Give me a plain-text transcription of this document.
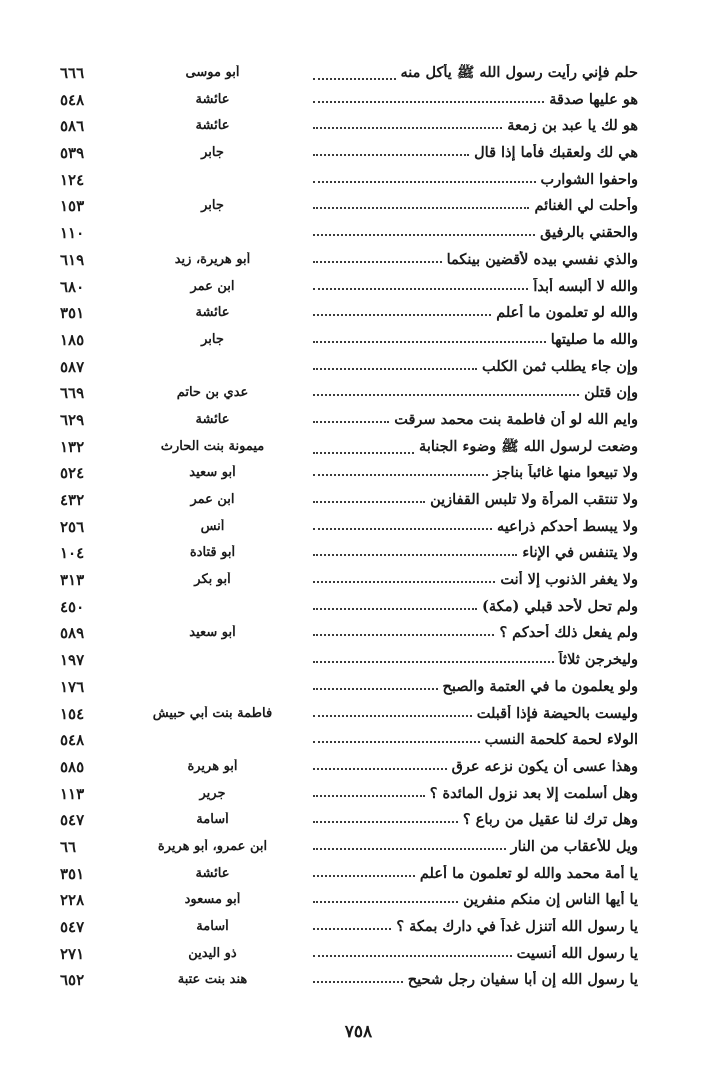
حلم فإني رأيت رسول الله ﷺ يأكل منه
أبو موسى
٦٦٦
هو عليها صدقة
عائشة
٥٤٨
هو لك يا عبد بن زمعة
عائشة
٥٨٦
هي لك ولعقبك فأما إذا قال
جابر
٥٣٩
واحفوا الشوارب
١٢٤
وأحلت لي الغنائم
جابر
١٥٣
والحقني بالرفيق
١١٠
والذي نفسي بيده لأقضين بينكما
أبو هريرة، زيد
٦١٩
والله لا ألبسه أبداً
ابن عمر
٦٨٠
والله لو تعلمون ما أعلم
عائشة
٣٥١
والله ما صليتها
جابر
١٨٥
وإن جاء يطلب ثمن الكلب
٥٨٧
وإن قتلن
عدي بن حاتم
٦٦٩
وايم الله لو أن فاطمة بنت محمد سرقت
عائشة
٦٢٩
وضعت لرسول الله ﷺ وضوء الجنابة
ميمونة بنت الحارث
١٣٢
ولا تبيعوا منها غائباً بناجز
أبو سعيد
٥٢٤
ولا تنتقب المرأة ولا تلبس القفازين
ابن عمر
٤٣٢
ولا يبسط أحدكم ذراعيه
أنس
٢٥٦
ولا يتنفس في الإناء
أبو قتادة
١٠٤
ولا يغفر الذنوب إلا أنت
أبو بكر
٣١٣
ولم تحل لأحد قبلي (مكة)
٤٥٠
ولم يفعل ذلك أحدكم ؟
أبو سعيد
٥٨٩
وليخرجن ثلاثاً
١٩٧
ولو يعلمون ما في العتمة والصبح
١٧٦
وليست بالحيضة فإذا أقبلت
فاطمة بنت أبي حبيش
١٥٤
الولاء لحمة كلحمة النسب
٥٤٨
وهذا عسى أن يكون نزعه عرق
أبو هريرة
٥٨٥
وهل أسلمت إلا بعد نزول المائدة ؟
جرير
١١٣
وهل ترك لنا عقيل من رباع ؟
أسامة
٥٤٧
ويل للأعقاب من النار
ابن عمرو، أبو هريرة
٦٦
يا أمة محمد والله لو تعلمون ما أعلم
عائشة
٣٥١
يا أيها الناس إن منكم منفرين
أبو مسعود
٢٢٨
يا رسول الله أتنزل غداً في دارك بمكة ؟
أسامة
٥٤٧
يا رسول الله أنسيت
ذو اليدين
٢٧١
يا رسول الله إن أبا سفيان رجل شحيح
هند بنت عتبة
٦٥٢
٧٥٨
